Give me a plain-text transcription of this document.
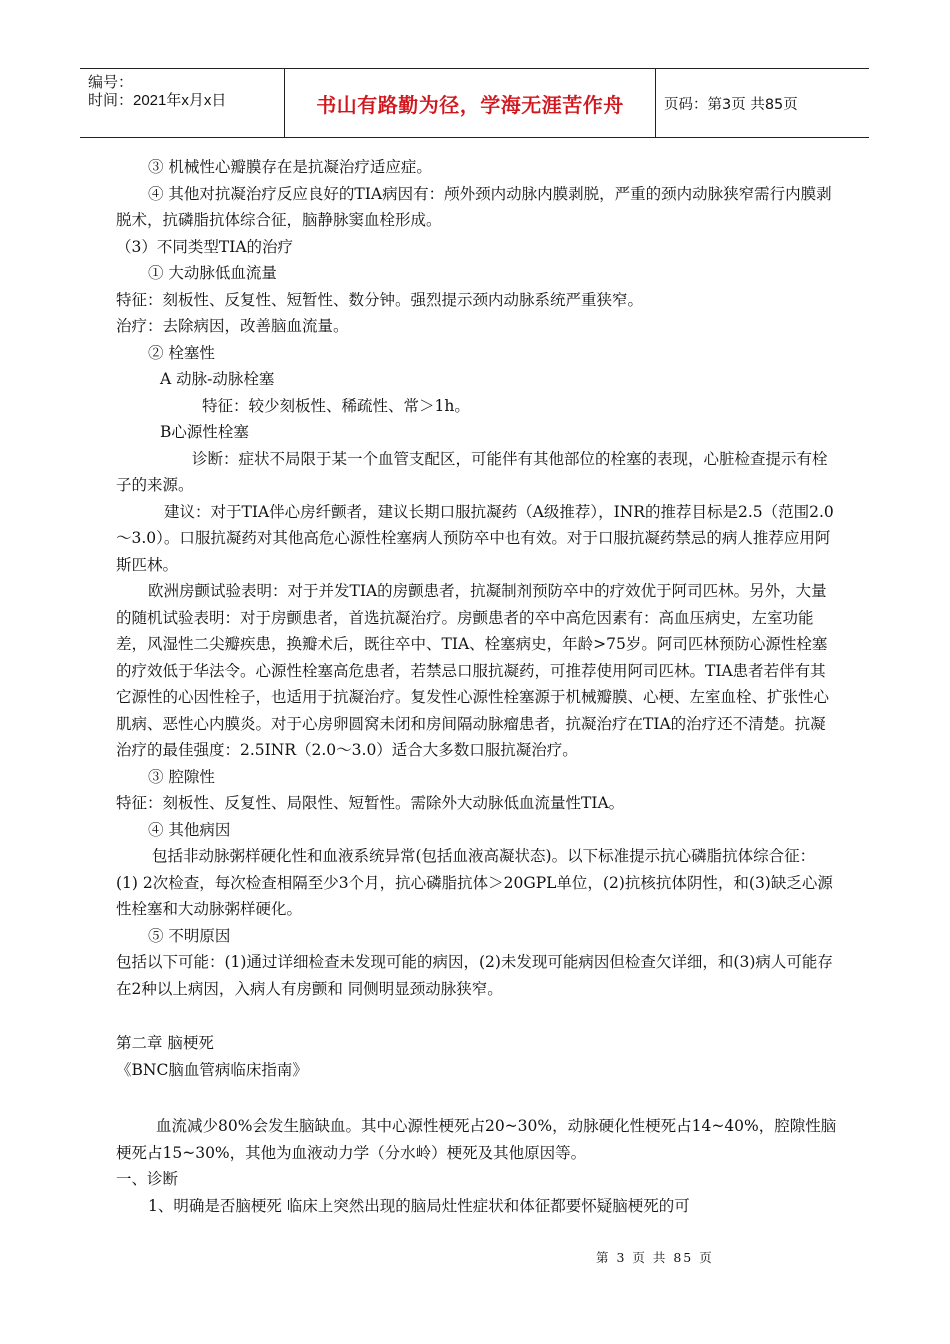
编号：
时间：2021年x月x日	书山有路勤为径，学海无涯苦作舟	页码：第3页 共85页
③ 机械性心瓣膜存在是抗凝治疗适应症。
④ 其他对抗凝治疗反应良好的TIA病因有：颅外颈内动脉内膜剥脱，严重的颈内动脉狭窄需行内膜剥脱术，抗磷脂抗体综合征，脑静脉窦血栓形成。
（3）不同类型TIA的治疗
① 大动脉低血流量
特征：刻板性、反复性、短暂性、数分钟。强烈提示颈内动脉系统严重狭窄。
治疗：去除病因，改善脑血流量。
② 栓塞性
A 动脉-动脉栓塞
特征：较少刻板性、稀疏性、常＞1h。
B心源性栓塞
诊断：症状不局限于某一个血管支配区，可能伴有其他部位的栓塞的表现，心脏检查提示有栓子的来源。
建议：对于TIA伴心房纤颤者，建议长期口服抗凝药（A级推荐），INR的推荐目标是2.5（范围2.0～3.0）。口服抗凝药对其他高危心源性栓塞病人预防卒中也有效。对于口服抗凝药禁忌的病人推荐应用阿斯匹林。
欧洲房颤试验表明：对于并发TIA的房颤患者，抗凝制剂预防卒中的疗效优于阿司匹林。另外，大量的随机试验表明：对于房颤患者，首选抗凝治疗。房颤患者的卒中高危因素有：高血压病史，左室功能差，风湿性二尖瓣疾患，换瓣术后，既往卒中、TIA、栓塞病史，年龄>75岁。阿司匹林预防心源性栓塞的疗效低于华法令。心源性栓塞高危患者，若禁忌口服抗凝药，可推荐使用阿司匹林。TIA患者若伴有其它源性的心因性栓子，也适用于抗凝治疗。复发性心源性栓塞源于机械瓣膜、心梗、左室血栓、扩张性心肌病、恶性心内膜炎。对于心房卵圆窝未闭和房间隔动脉瘤患者，抗凝治疗在TIA的治疗还不清楚。抗凝治疗的最佳强度：2.5INR（2.0～3.0）适合大多数口服抗凝治疗。
③ 腔隙性
特征：刻板性、反复性、局限性、短暂性。需除外大动脉低血流量性TIA。
④ 其他病因
包括非动脉粥样硬化性和血液系统异常(包括血液高凝状态)。以下标准提示抗心磷脂抗体综合征： (1) 2次检查，每次检查相隔至少3个月，抗心磷脂抗体＞20GPL单位，(2)抗核抗体阴性，和(3)缺乏心源性栓塞和大动脉粥样硬化。
⑤ 不明原因
包括以下可能：(1)通过详细检查未发现可能的病因，(2)未发现可能病因但检查欠详细，和(3)病人可能存在2种以上病因，入病人有房颤和 同侧明显颈动脉狭窄。
第二章 脑梗死
《BNC脑血管病临床指南》
血流减少80%会发生脑缺血。其中心源性梗死占20~30%，动脉硬化性梗死占14~40%，腔隙性脑梗死占15~30%，其他为血液动力学（分水岭）梗死及其他原因等。
一、诊断
1、明确是否脑梗死 临床上突然出现的脑局灶性症状和体征都要怀疑脑梗死的可
第 3 页 共 85 页
